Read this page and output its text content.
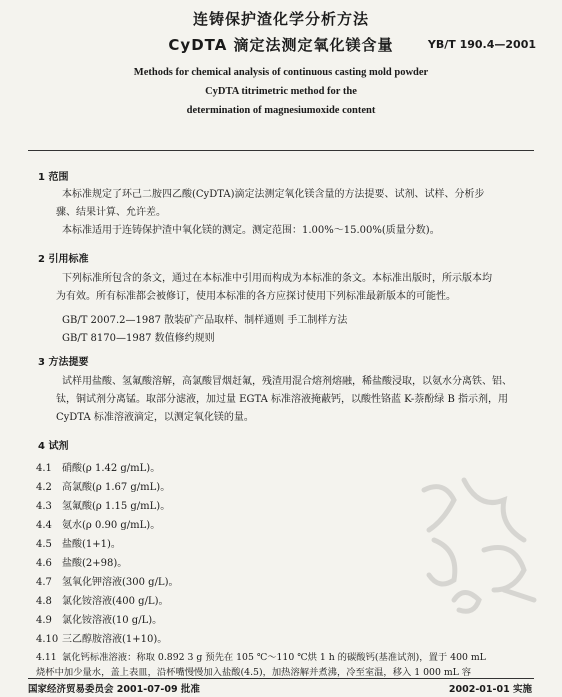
连铸保护渣化学分析方法
CyDTA 滴定法测定氧化镁含量	YB/T 190.4—2001
Methods for chemical analysis of continuous casting mold powder
CyDTA titrimetric method for the
determination of magnesiumoxide content
1 范围
本标准规定了环己二胺四乙酸(CyDTA)滴定法测定氧化镁含量的方法提要、试剂、试样、分析步
骤、结果计算、允许差。
本标准适用于连铸保护渣中氧化镁的测定。测定范围：1.00%～15.00%(质量分数)。
2 引用标准
下列标准所包含的条文，通过在本标准中引用而构成为本标准的条文。本标准出版时，所示版本均
为有效。所有标准都会被修订，使用本标准的各方应探讨使用下列标准最新版本的可能性。
GB/T 2007.2—1987 散装矿产品取样、制样通则 手工制样方法
GB/T 8170—1987 数值修约规则
3 方法提要
试样用盐酸、氢氟酸溶解，高氯酸冒烟赶氟，残渣用混合熔剂熔融，稀盐酸浸取，以氨水分离铁、铝、
钛，铜试剂分离锰。取部分滤液，加过量 EGTA 标准溶液掩蔽钙，以酸性铬蓝 K-萘酚绿 B 指示剂，用
CyDTA 标准溶液滴定，以测定氧化镁的量。
4 试剂
4.1 硝酸(ρ 1.42 g/mL)。
4.2 高氯酸(ρ 1.67 g/mL)。
4.3 氢氟酸(ρ 1.15 g/mL)。
4.4 氨水(ρ 0.90 g/mL)。
4.5 盐酸(1+1)。
4.6 盐酸(2+98)。
4.7 氢氧化钾溶液(300 g/L)。
4.8 氯化铵溶液(400 g/L)。
4.9 氯化铵溶液(10 g/L)。
4.10 三乙醇胺溶液(1+10)。
4.11 氯化钙标准溶液：称取 0.892 3 g 预先在 105 ℃～110 ℃烘 1 h 的碳酸钙(基准试剂)，置于 400 mL
烧杯中加少量水，盖上表皿，沿杯嘴慢慢加入盐酸(4.5)，加热溶解并煮沸，冷至室温，移入 1 000 mL 容
国家经济贸易委员会 2001-07-09 批准	2002-01-01 实施
